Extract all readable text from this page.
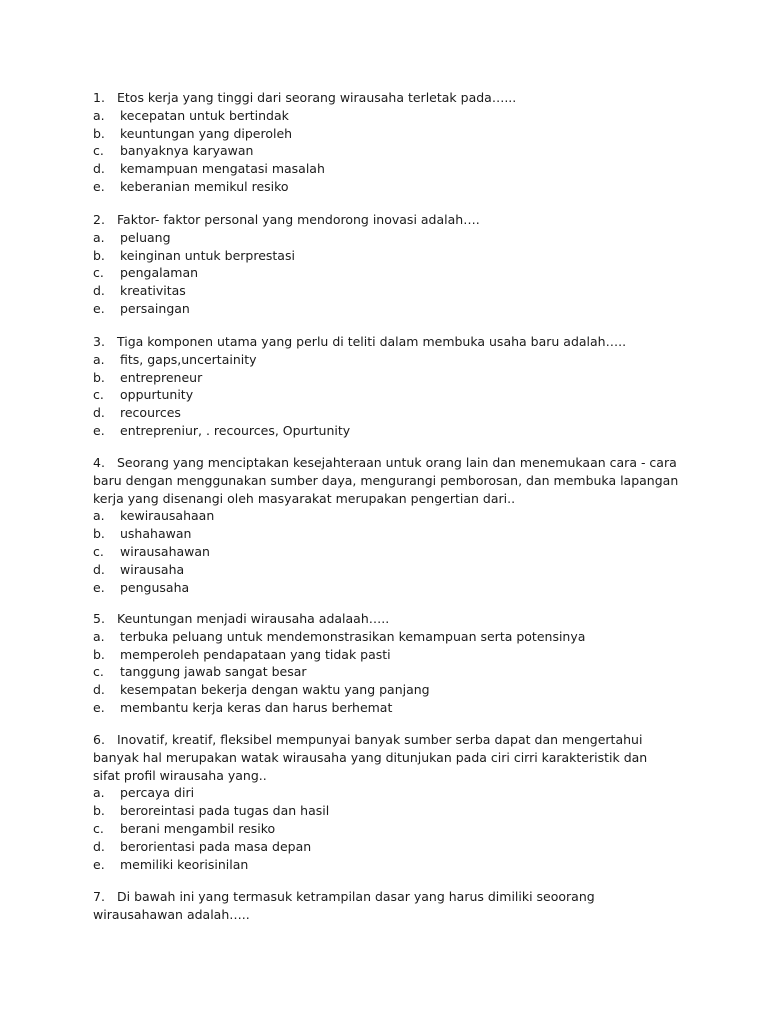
1. Etos kerja yang tinggi dari seorang wirausaha terletak pada…...
a. kecepatan untuk bertindak
b. keuntungan yang diperoleh
c. banyaknya karyawan
d. kemampuan mengatasi masalah
e. keberanian memikul resiko
2. Faktor- faktor personal yang mendorong inovasi adalah….
a. peluang
b. keinginan untuk berprestasi
c. pengalaman
d. kreativitas
e. persaingan
3. Tiga komponen utama yang perlu di teliti dalam membuka usaha baru adalah…..
a. fits, gaps,uncertainity
b. entrepreneur
c. oppurtunity
d. recources
e. entrepreniur, . recources, Opurtunity
4. Seorang yang menciptakan kesejahteraan untuk orang lain dan menemukaan cara - cara
baru dengan menggunakan sumber daya, mengurangi pemborosan, dan membuka lapangan
kerja yang disenangi oleh masyarakat merupakan pengertian dari..
a. kewirausahaan
b. ushahawan
c. wirausahawan
d. wirausaha
e. pengusaha
5. Keuntungan menjadi wirausaha adalaah…..
a. terbuka peluang untuk mendemonstrasikan kemampuan serta potensinya
b. memperoleh pendapataan yang tidak pasti
c. tanggung jawab sangat besar
d. kesempatan bekerja dengan waktu yang panjang
e. membantu kerja keras dan harus berhemat
6. Inovatif, kreatif, fleksibel mempunyai banyak sumber serba dapat dan mengertahui
banyak hal merupakan watak wirausaha yang ditunjukan pada ciri cirri karakteristik dan
sifat profil wirausaha yang..
a. percaya diri
b. beroreintasi pada tugas dan hasil
c. berani mengambil resiko
d. berorientasi pada masa depan
e. memiliki keorisinilan
7. Di bawah ini yang termasuk ketrampilan dasar yang harus dimiliki seoorang
wirausahawan adalah…..
